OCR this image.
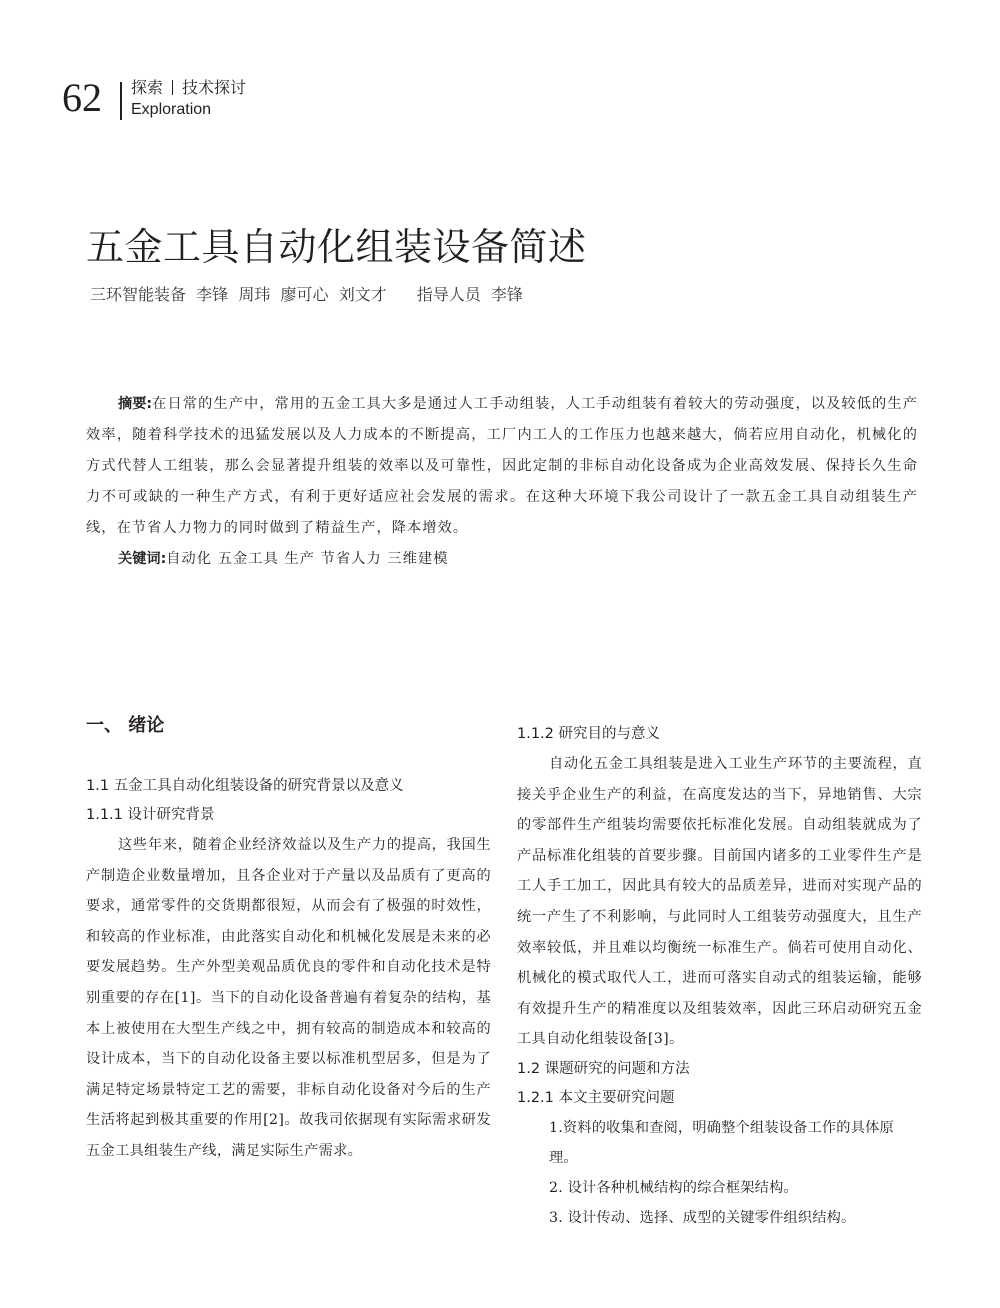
62 探索 技术探讨
Exploration
五金工具自动化组装设备简述
三环智能装备  李锋  周玮  廖可心  刘文才 指导人员  李锋

摘要:在日常的生产中，常用的五金工具大多是通过人工手动组装，人工手动组装有着较大的劳动强度，以及较低的生产效率，随着科学技术的迅猛发展以及人力成本的不断提高，工厂内工人的工作压力也越来越大，倘若应用自动化，机械化的方式代替人工组装，那么会显著提升组装的效率以及可靠性，因此定制的非标自动化设备成为企业高效发展、保持长久生命力不可或缺的一种生产方式，有利于更好适应社会发展的需求。在这种大环境下我公司设计了一款五金工具自动组装生产线，在节省人力物力的同时做到了精益生产，降本增效。

关键词:自动化 五金工具 生产 节省人力 三维建模

一、 绪论
1.1 五金工具自动化组装设备的研究背景以及意义
1.1.1 设计研究背景

这些年来，随着企业经济效益以及生产力的提高，我国生产制造企业数量增加，且各企业对于产量以及品质有了更高的要求，通常零件的交货期都很短，从而会有了极强的时效性，和较高的作业标准，由此落实自动化和机械化发展是未来的必要发展趋势。生产外型美观品质优良的零件和自动化技术是特别重要的存在[1]。当下的自动化设备普遍有着复杂的结构，基本上被使用在大型生产线之中，拥有较高的制造成本和较高的设计成本，当下的自动化设备主要以标准机型居多，但是为了满足特定场景特定工艺的需要，非标自动化设备对今后的生产生活将起到极其重要的作用[2]。故我司依据现有实际需求研发五金工具组装生产线，满足实际生产需求。

1.1.2 研究目的与意义

自动化五金工具组装是进入工业生产环节的主要流程，直接关乎企业生产的利益，在高度发达的当下，异地销售、大宗的零部件生产组装均需要依托标准化发展。自动组装就成为了产品标准化组装的首要步骤。目前国内诸多的工业零件生产是工人手工加工，因此具有较大的品质差异，进而对实现产品的统一产生了不利影响，与此同时人工组装劳动强度大，且生产效率较低，并且难以均衡统一标准生产。倘若可使用自动化、机械化的模式取代人工，进而可落实自动式的组装运输，能够有效提升生产的精准度以及组装效率，因此三环启动研究五金工具自动化组装设备[3]。

1.2 课题研究的问题和方法
1.2.1 本文主要研究问题
1.资料的收集和查阅，明确整个组装设备工作的具体原理。
2. 设计各种机械结构的综合框架结构。
3. 设计传动、选择、成型的关键零件组织结构。
